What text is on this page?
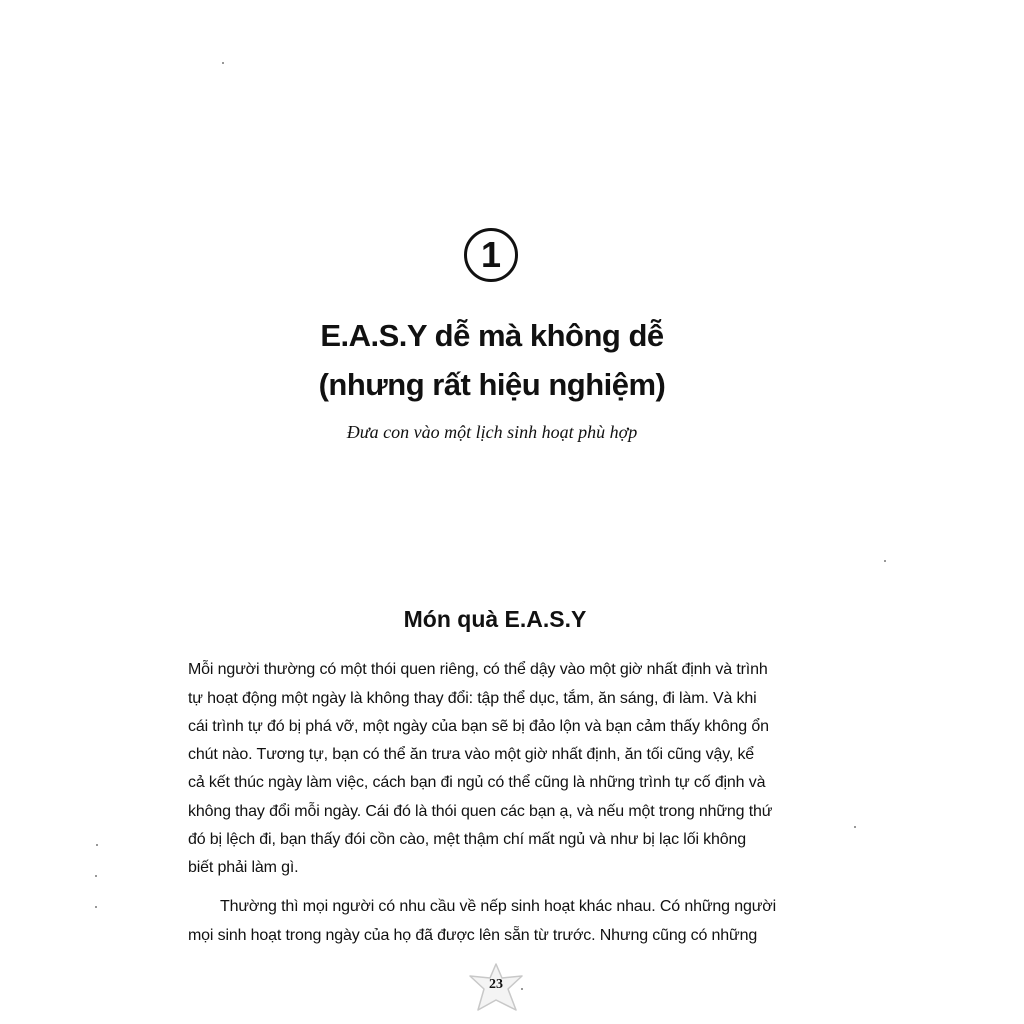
1
E.A.S.Y dễ mà không dễ
(nhưng rất hiệu nghiệm)
Đưa con vào một lịch sinh hoạt phù hợp
Món quà E.A.S.Y
Mỗi người thường có một thói quen riêng, có thể dậy vào một giờ nhất định và trình
tự hoạt động một ngày là không thay đổi: tập thể dục, tắm, ăn sáng, đi làm. Và khi
cái trình tự đó bị phá vỡ, một ngày của bạn sẽ bị đảo lộn và bạn cảm thấy không ổn
chút nào. Tương tự, bạn có thể ăn trưa vào một giờ nhất định, ăn tối cũng vậy, kể
cả kết thúc ngày làm việc, cách bạn đi ngủ có thể cũng là những trình tự cố định và
không thay đổi mỗi ngày. Cái đó là thói quen các bạn ạ, và nếu một trong những thứ
đó bị lệch đi, bạn thấy đói cồn cào, mệt thậm chí mất ngủ và như bị lạc lối không
biết phải làm gì.
Thường thì mọi người có nhu cầu về nếp sinh hoạt khác nhau. Có những người
mọi sinh hoạt trong ngày của họ đã được lên sẵn từ trước. Nhưng cũng có những
23
